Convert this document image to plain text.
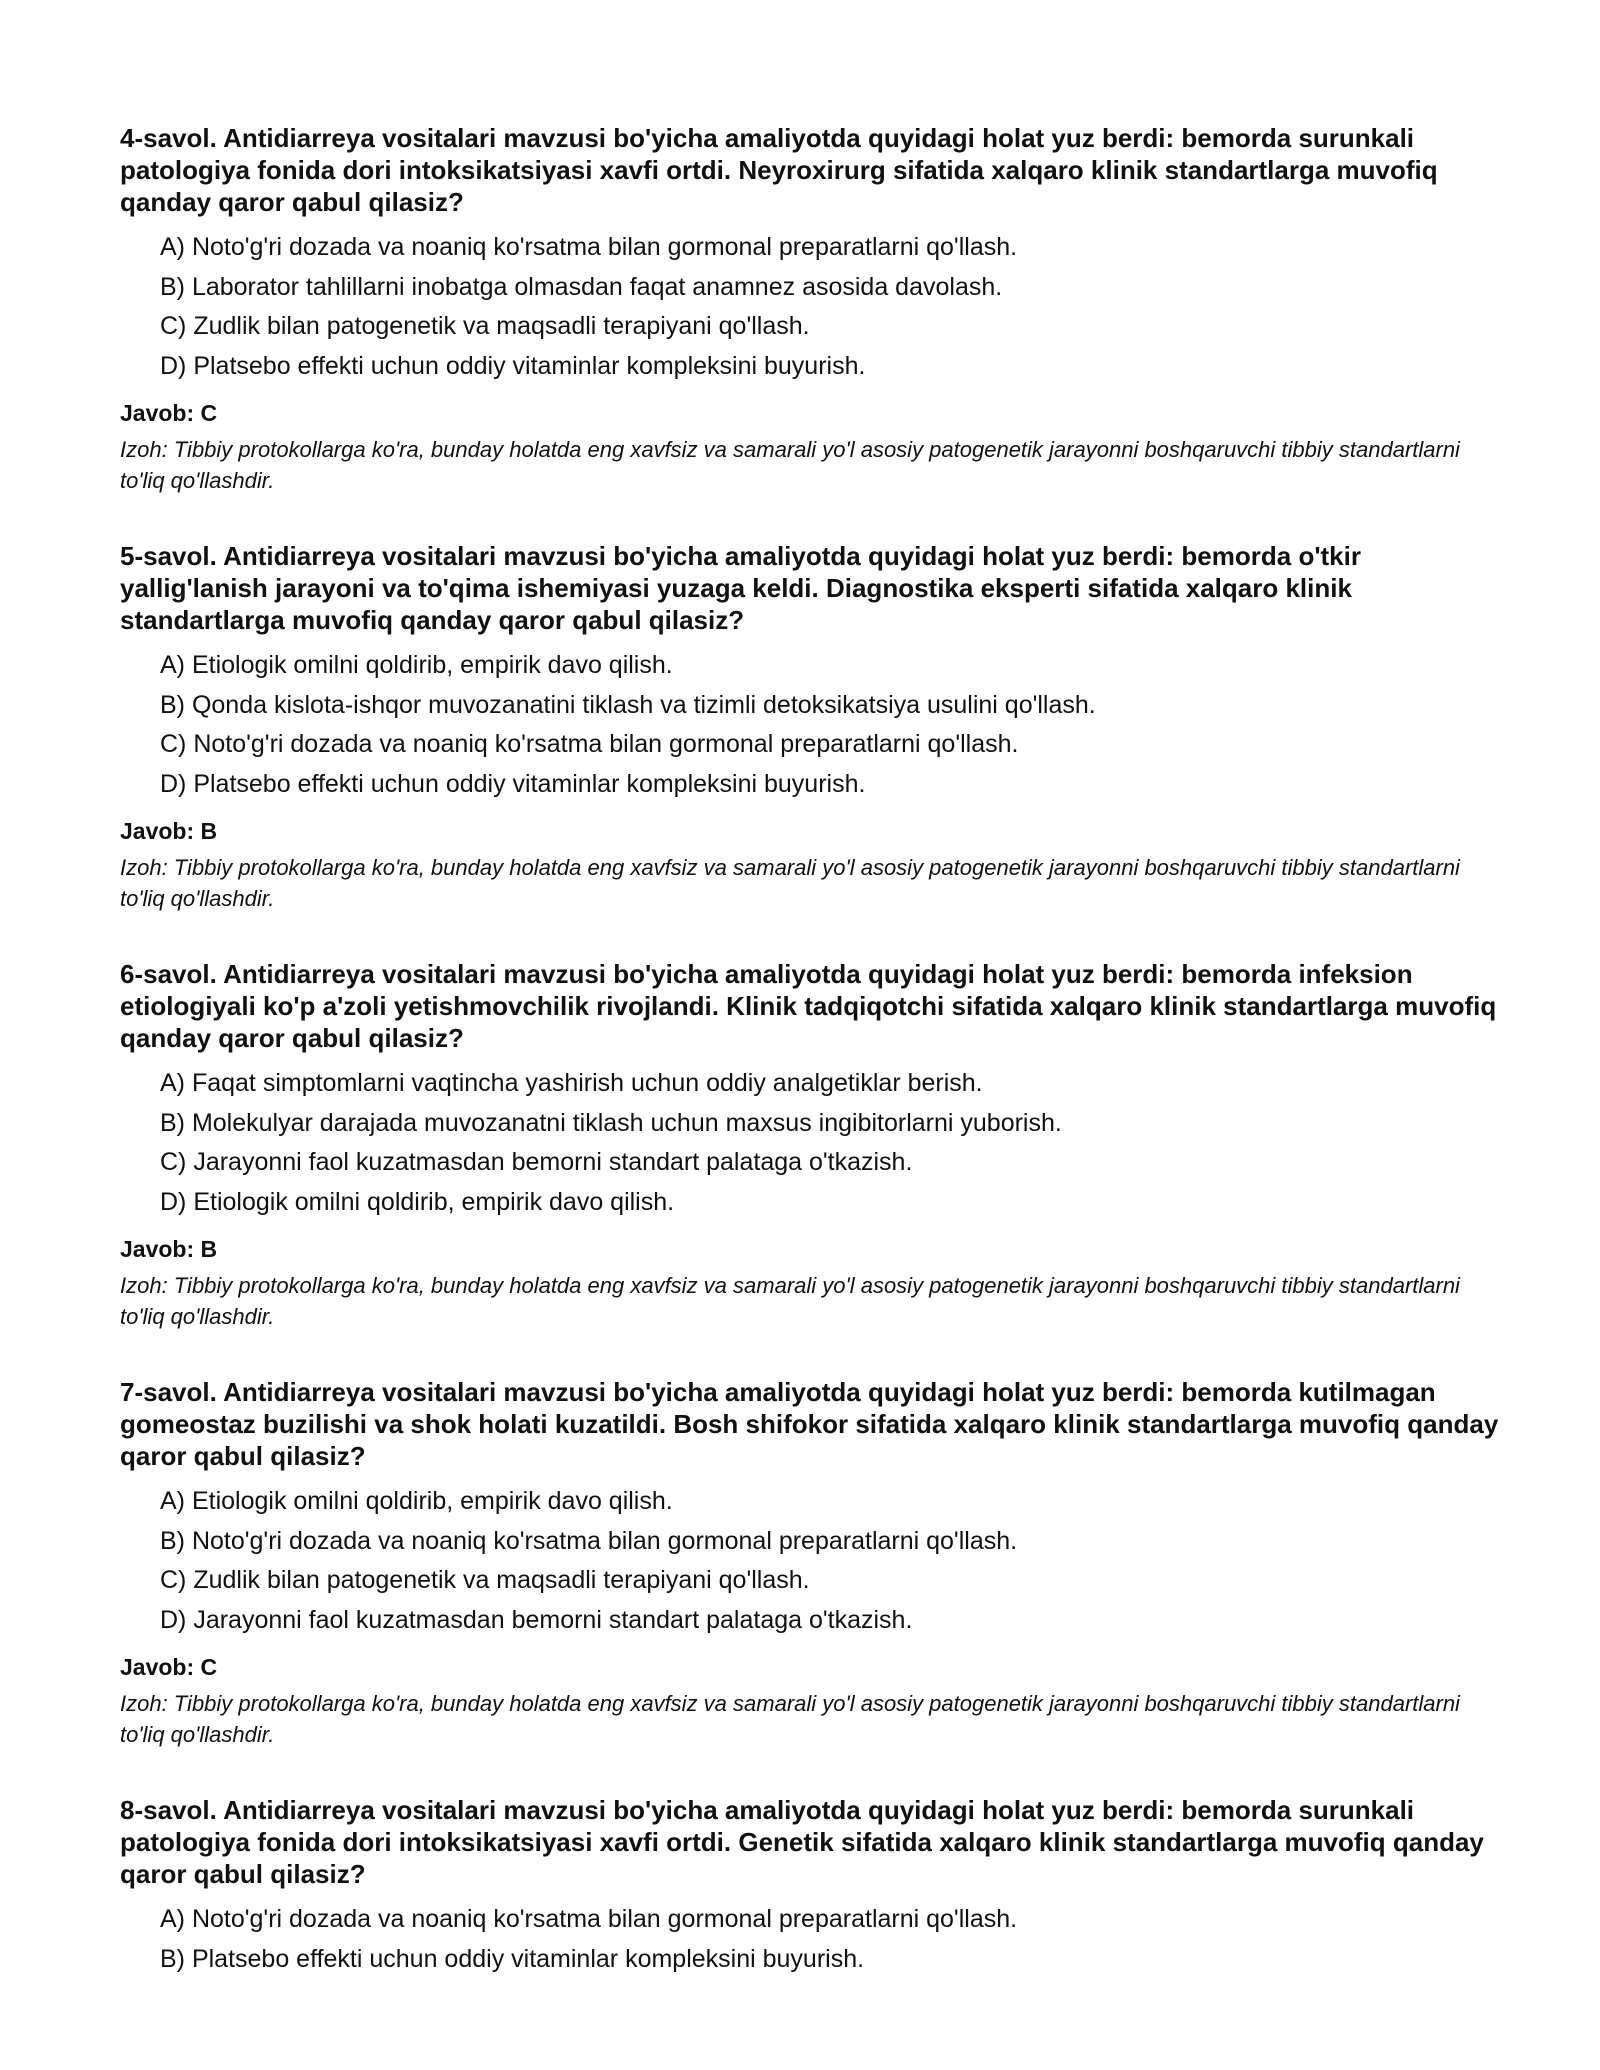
4-savol. Antidiarreya vositalari mavzusi bo'yicha amaliyotda quyidagi holat yuz berdi: bemorda surunkali patologiya fonida dori intoksikatsiyasi xavfi ortdi. Neyroxirurg sifatida xalqaro klinik standartlarga muvofiq qanday qaror qabul qilasiz?

A) Noto'g'ri dozada va noaniq ko'rsatma bilan gormonal preparatlarni qo'llash.
B) Laborator tahlillarni inobatga olmasdan faqat anamnez asosida davolash.
C) Zudlik bilan patogenetik va maqsadli terapiyani qo'llash.
D) Platsebo effekti uchun oddiy vitaminlar kompleksini buyurish.

Javob: C

Izoh: Tibbiy protokollarga ko'ra, bunday holatda eng xavfsiz va samarali yo'l asosiy patogenetik jarayonni boshqaruvchi tibbiy standartlarni to'liq qo'llashdir.

5-savol. Antidiarreya vositalari mavzusi bo'yicha amaliyotda quyidagi holat yuz berdi: bemorda o'tkir yallig'lanish jarayoni va to'qima ishemiyasi yuzaga keldi. Diagnostika eksperti sifatida xalqaro klinik standartlarga muvofiq qanday qaror qabul qilasiz?

A) Etiologik omilni qoldirib, empirik davo qilish.
B) Qonda kislota-ishqor muvozanatini tiklash va tizimli detoksikatsiya usulini qo'llash.
C) Noto'g'ri dozada va noaniq ko'rsatma bilan gormonal preparatlarni qo'llash.
D) Platsebo effekti uchun oddiy vitaminlar kompleksini buyurish.

Javob: B

Izoh: Tibbiy protokollarga ko'ra, bunday holatda eng xavfsiz va samarali yo'l asosiy patogenetik jarayonni boshqaruvchi tibbiy standartlarni to'liq qo'llashdir.

6-savol. Antidiarreya vositalari mavzusi bo'yicha amaliyotda quyidagi holat yuz berdi: bemorda infeksion etiologiyali ko'p a'zoli yetishmovchilik rivojlandi. Klinik tadqiqotchi sifatida xalqaro klinik standartlarga muvofiq qanday qaror qabul qilasiz?

A) Faqat simptomlarni vaqtincha yashirish uchun oddiy analgetiklar berish.
B) Molekulyar darajada muvozanatni tiklash uchun maxsus ingibitorlarni yuborish.
C) Jarayonni faol kuzatmasdan bemorni standart palataga o'tkazish.
D) Etiologik omilni qoldirib, empirik davo qilish.

Javob: B

Izoh: Tibbiy protokollarga ko'ra, bunday holatda eng xavfsiz va samarali yo'l asosiy patogenetik jarayonni boshqaruvchi tibbiy standartlarni to'liq qo'llashdir.

7-savol. Antidiarreya vositalari mavzusi bo'yicha amaliyotda quyidagi holat yuz berdi: bemorda kutilmagan gomeostaz buzilishi va shok holati kuzatildi. Bosh shifokor sifatida xalqaro klinik standartlarga muvofiq qanday qaror qabul qilasiz?

A) Etiologik omilni qoldirib, empirik davo qilish.
B) Noto'g'ri dozada va noaniq ko'rsatma bilan gormonal preparatlarni qo'llash.
C) Zudlik bilan patogenetik va maqsadli terapiyani qo'llash.
D) Jarayonni faol kuzatmasdan bemorni standart palataga o'tkazish.

Javob: C

Izoh: Tibbiy protokollarga ko'ra, bunday holatda eng xavfsiz va samarali yo'l asosiy patogenetik jarayonni boshqaruvchi tibbiy standartlarni to'liq qo'llashdir.

8-savol. Antidiarreya vositalari mavzusi bo'yicha amaliyotda quyidagi holat yuz berdi: bemorda surunkali patologiya fonida dori intoksikatsiyasi xavfi ortdi. Genetik sifatida xalqaro klinik standartlarga muvofiq qanday qaror qabul qilasiz?

A) Noto'g'ri dozada va noaniq ko'rsatma bilan gormonal preparatlarni qo'llash.
B) Platsebo effekti uchun oddiy vitaminlar kompleksini buyurish.
